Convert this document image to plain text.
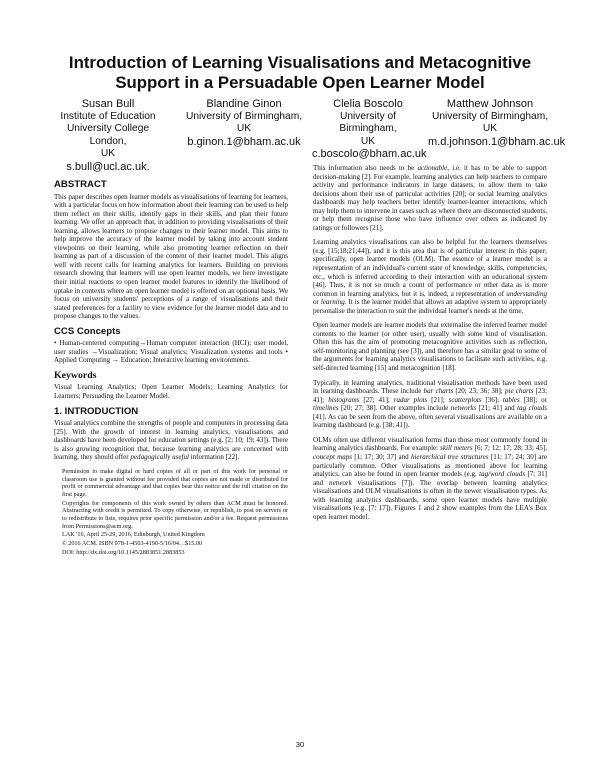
Introduction of Learning Visualisations and Metacognitive Support in a Persuadable Open Learner Model
Susan Bull
Institute of Education
University College London,
UK
s.bull@ucl.ac.uk.
Blandine Ginon
University of Birmingham,
UK
b.ginon.1@bham.ac.uk
Clelia Boscolo
University of Birmingham,
UK
c.boscolo@bham.ac.uk
Matthew Johnson
University of Birmingham,
UK
m.d.johnson.1@bham.ac.uk
ABSTRACT

This paper describes open learner models as visualisations of learning for learners, with a particular focus on how information about their learning can be used to help them reflect on their skills, identify gaps in their skills, and plan their future learning. We offer an approach that, in addition to providing visualisations of their learning, allows learners to propose changes to their learner model. This aims to help improve the accuracy of the learner model by taking into account student viewpoints on their learning, while also promoting learner reflection on their learning as part of a discussion of the content of their learner model. This aligns well with recent calls for learning analytics for learners. Building on previous research showing that learners will use open learner models, we here investigate their initial reactions to open learner model features to identify the likelihood of uptake in contexts where an open learner model is offered on an optional basis. We focus on university students' perceptions of a range of visualisations and their stated preferences for a facility to view evidence for the learner model data and to propose changes to the values.

CCS Concepts

• Human-centered computing→Human computer interaction (HCI); user model, user studies →Visualization; Visual analytics; Visualization systems and tools • Applied Computing → Education; Interactive learning environments.

Keywords

Visual Learning Analytics; Open Learner Models; Learning Analytics for Learners; Persuading the Learner Model.

1. INTRODUCTION

Visual analytics combine the strengths of people and computers in processing data [25]. With the growth of interest in learning analytics, visualisations and dashboards have been developed for education settings (e.g. [2; 10; 19; 43]). There is also growing recognition that, because learning analytics are concerned with learning, they should offer pedagogically useful information [22].

Permission to make digital or hard copies of all or part of this work for personal or classroom use is granted without fee provided that copies are not made or distributed for profit or commercial advantage and that copies bear this notice and the full citation on the first page.

Copyrights for components of this work owned by others than ACM must be honored. Abstracting with credit is permitted. To copy otherwise, or republish, to post on servers or to redistribute to lists, requires prior specific permission and/or a fee. Request permissions from Permissions@acm.org.

LAK '16, April 25-29, 2016, Edinburgh, United Kingdom

© 2016 ACM. ISBN 978-1-4503-4190-5/16/04…$15.00

DOI: http://dx.doi.org/10.1145/2883851.2883853

This information also needs to be actionable, i.e. it has to be able to support decision-making [2]. For example, learning analytics can help teachers to compare activity and performance indicators in large datasets, to allow them to take decisions about their use of particular activities [20]; or social learning analytics dashboards may help teachers better identify learner-learner interactions, which may help them to intervene in cases such as where there are disconnected students, or help them recognise those who have influence over others as indicated by ratings or followers [21].

Learning analytics visualisations can also be helpful for the learners themselves (e.g. [15;18;21;44]), and it is this area that is of particular interest in this paper; specifically, open learner models (OLM). The essence of a learner model is a representation of an individual's current state of knowledge, skills, competencies, etc., which is inferred according to their interaction with an educational system [46]. Thus, it is not so much a count of performance or other data as is more common in learning analytics, but it is, indeed, a representation of understanding or learning. It is the learner model that allows an adaptive system to appropriately personalise the interaction to suit the individual learner's needs at the time.

Open learner models are learner models that externalise the inferred learner model contents to the learner (or other user), usually with some kind of visualisation. Often this has the aim of promoting metacognitive activities such as reflection, self-monitoring and planning (see [3]), and therefore has a similar goal to some of the arguments for learning analytics visualisations to facilitate such activities, e.g. self-directed learning [15] and metacognition [18].

Typically, in learning analytics, traditional visualisation methods have been used in learning dashboards. These include bar charts [20; 23; 36; 38]; pie charts [23; 41]; histograms [27; 41]; radar plots [21]; scatterplots [36]; tables [38]; or timelines [20; 27; 38]. Other examples include networks [21; 41] and tag clouds [41]. As can be seen from the above, often several visualisations are available on a learning dashboard (e.g. [38; 41]).

OLMs often use different visualisation forms than those most commonly found in learning analytics dashboards. For example: skill meters [6; 7; 12; 17; 28; 33; 45], concept maps [1; 17; 30; 37] and hierarchical tree structures [11; 17; 24; 30] are particularly common. Other visualisations as mentioned above for learning analytics, can also be found in open learner models (e.g. tag/word clouds [7; 31] and network visualisations [7]). The overlap between learning analytics visualisations and OLM visualisations is often in the newer visualisation types. As with learning analytics dashboards, some open learner models have multiple visualisations (e.g. [7; 17]). Figures 1 and 2 show examples from the LEA's Box open learner model.

30
